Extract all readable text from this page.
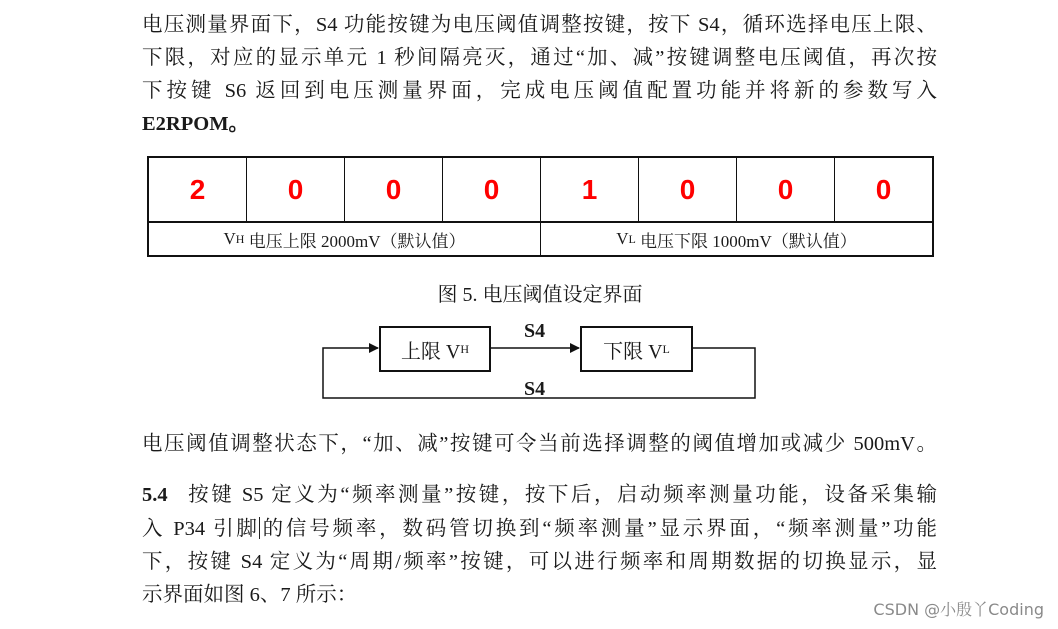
电压测量界面下，S4 功能按键为电压阈值调整按键，按下 S4，循环选择电压上限、
下限，对应的显示单元 1 秒间隔亮灭，通过“加、减”按键调整电压阈值，再次按
下按键 S6 返回到电压测量界面，完成电压阈值配置功能并将新的参数写入
E2RPOM。
2	0	0	0	1	0	0	0
V H 电压上限 2000mV（默认值）	V L 电压下限 1000mV（默认值）
图 5. 电压阈值设定界面
上限 V H	下限 V L
S4
S4
电压阈值调整状态下，“加、减”按键可令当前选择调整的阈值增加或减少 500mV。
5.4 按键 S5 定义为“频率测量”按键，按下后，启动频率测量功能，设备采集输
入 P34 引脚的信号频率，数码管切换到“频率测量”显示界面，“频率测量”功能
下，按键 S4 定义为“周期/频率”按键，可以进行频率和周期数据的切换显示，显
示界面如图 6、7 所示：
CSDN @小殷丫Coding
